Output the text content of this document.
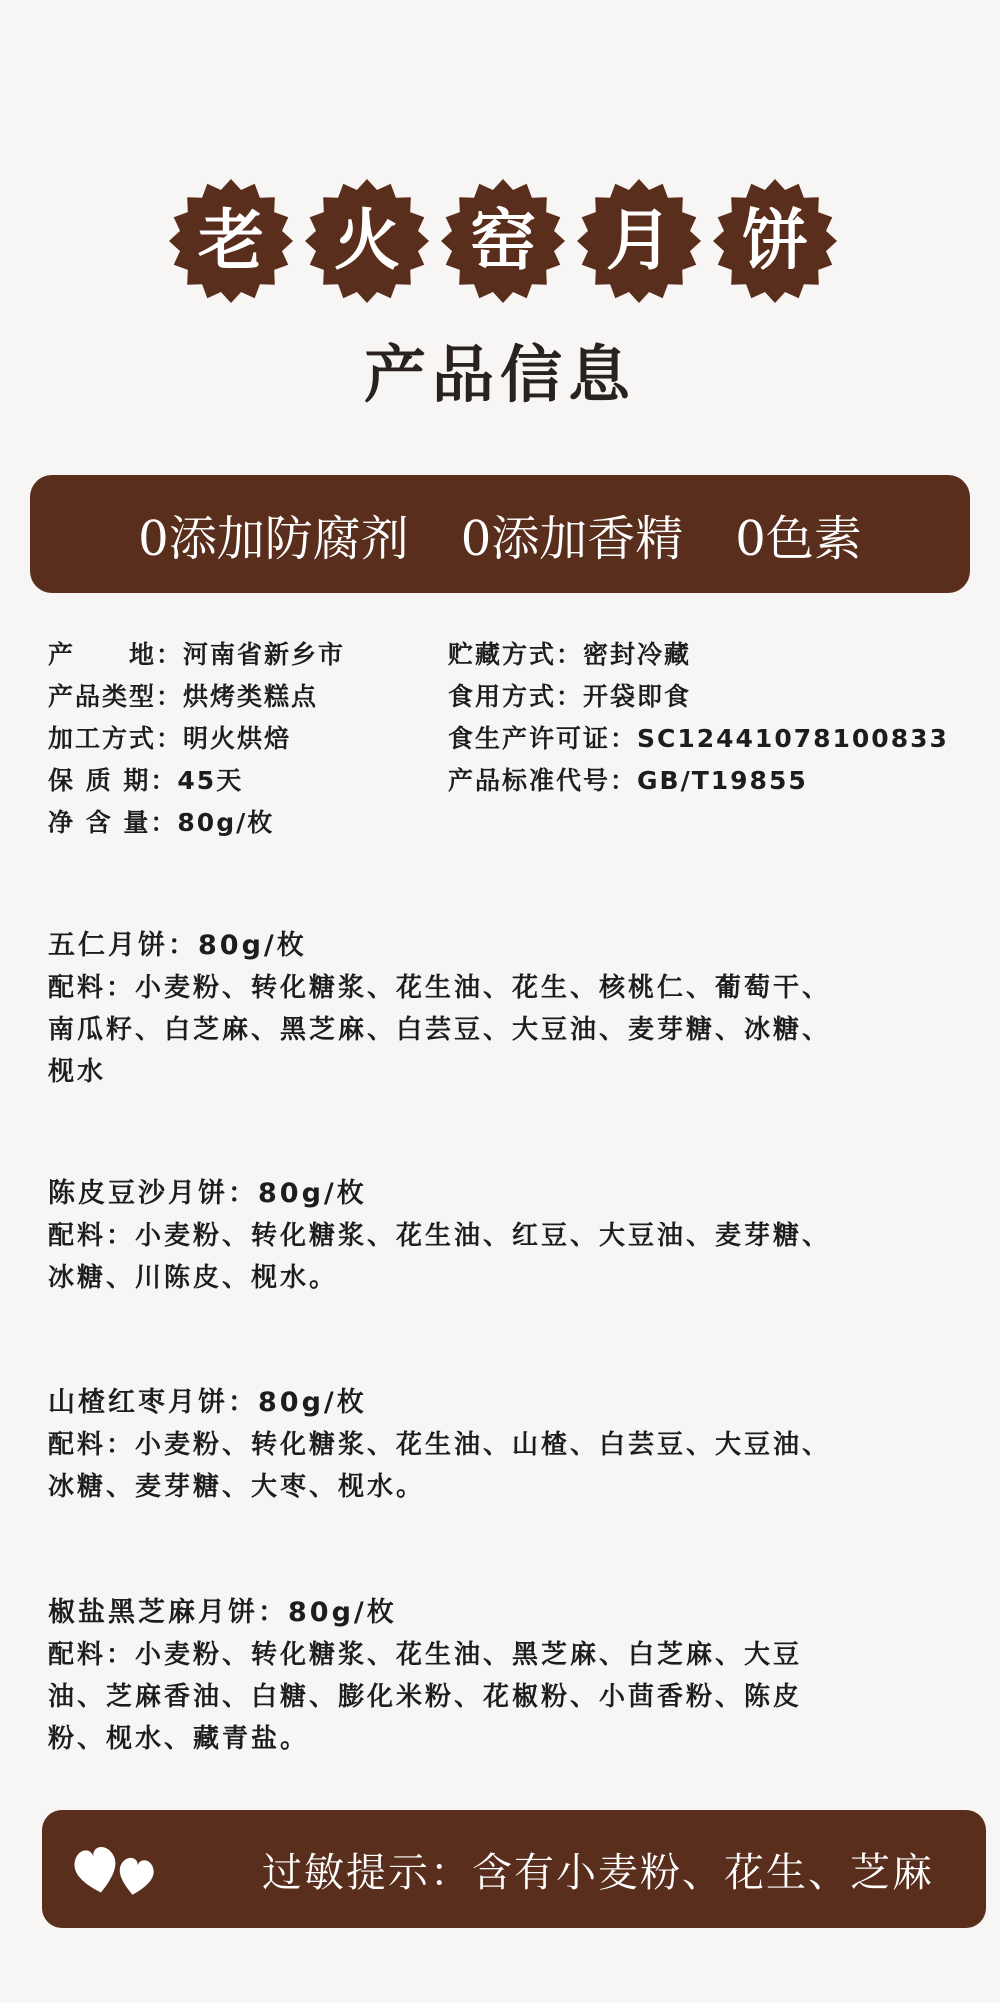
老 火 窑 月 饼
产品信息
0添加防腐剂 0添加香精 0色素
产　　地：河南省新乡市	贮藏方式：密封冷藏
产品类型：烘烤类糕点	食用方式：开袋即食
加工方式：明火烘焙	食生产许可证：SC12441078100833
保 质 期：45天	产品标准代号：GB/T19855
净 含 量：80g/枚
五仁月饼：80g/枚
配料：小麦粉、转化糖浆、花生油、花生、核桃仁、葡萄干、
南瓜籽、白芝麻、黑芝麻、白芸豆、大豆油、麦芽糖、冰糖、
枧水
陈皮豆沙月饼：80g/枚
配料：小麦粉、转化糖浆、花生油、红豆、大豆油、麦芽糖、
冰糖、川陈皮、枧水。
山楂红枣月饼：80g/枚
配料：小麦粉、转化糖浆、花生油、山楂、白芸豆、大豆油、
冰糖、麦芽糖、大枣、枧水。
椒盐黑芝麻月饼：80g/枚
配料：小麦粉、转化糖浆、花生油、黑芝麻、白芝麻、大豆
油、芝麻香油、白糖、膨化米粉、花椒粉、小茴香粉、陈皮
粉、枧水、藏青盐。
过敏提示：含有小麦粉、花生、芝麻
